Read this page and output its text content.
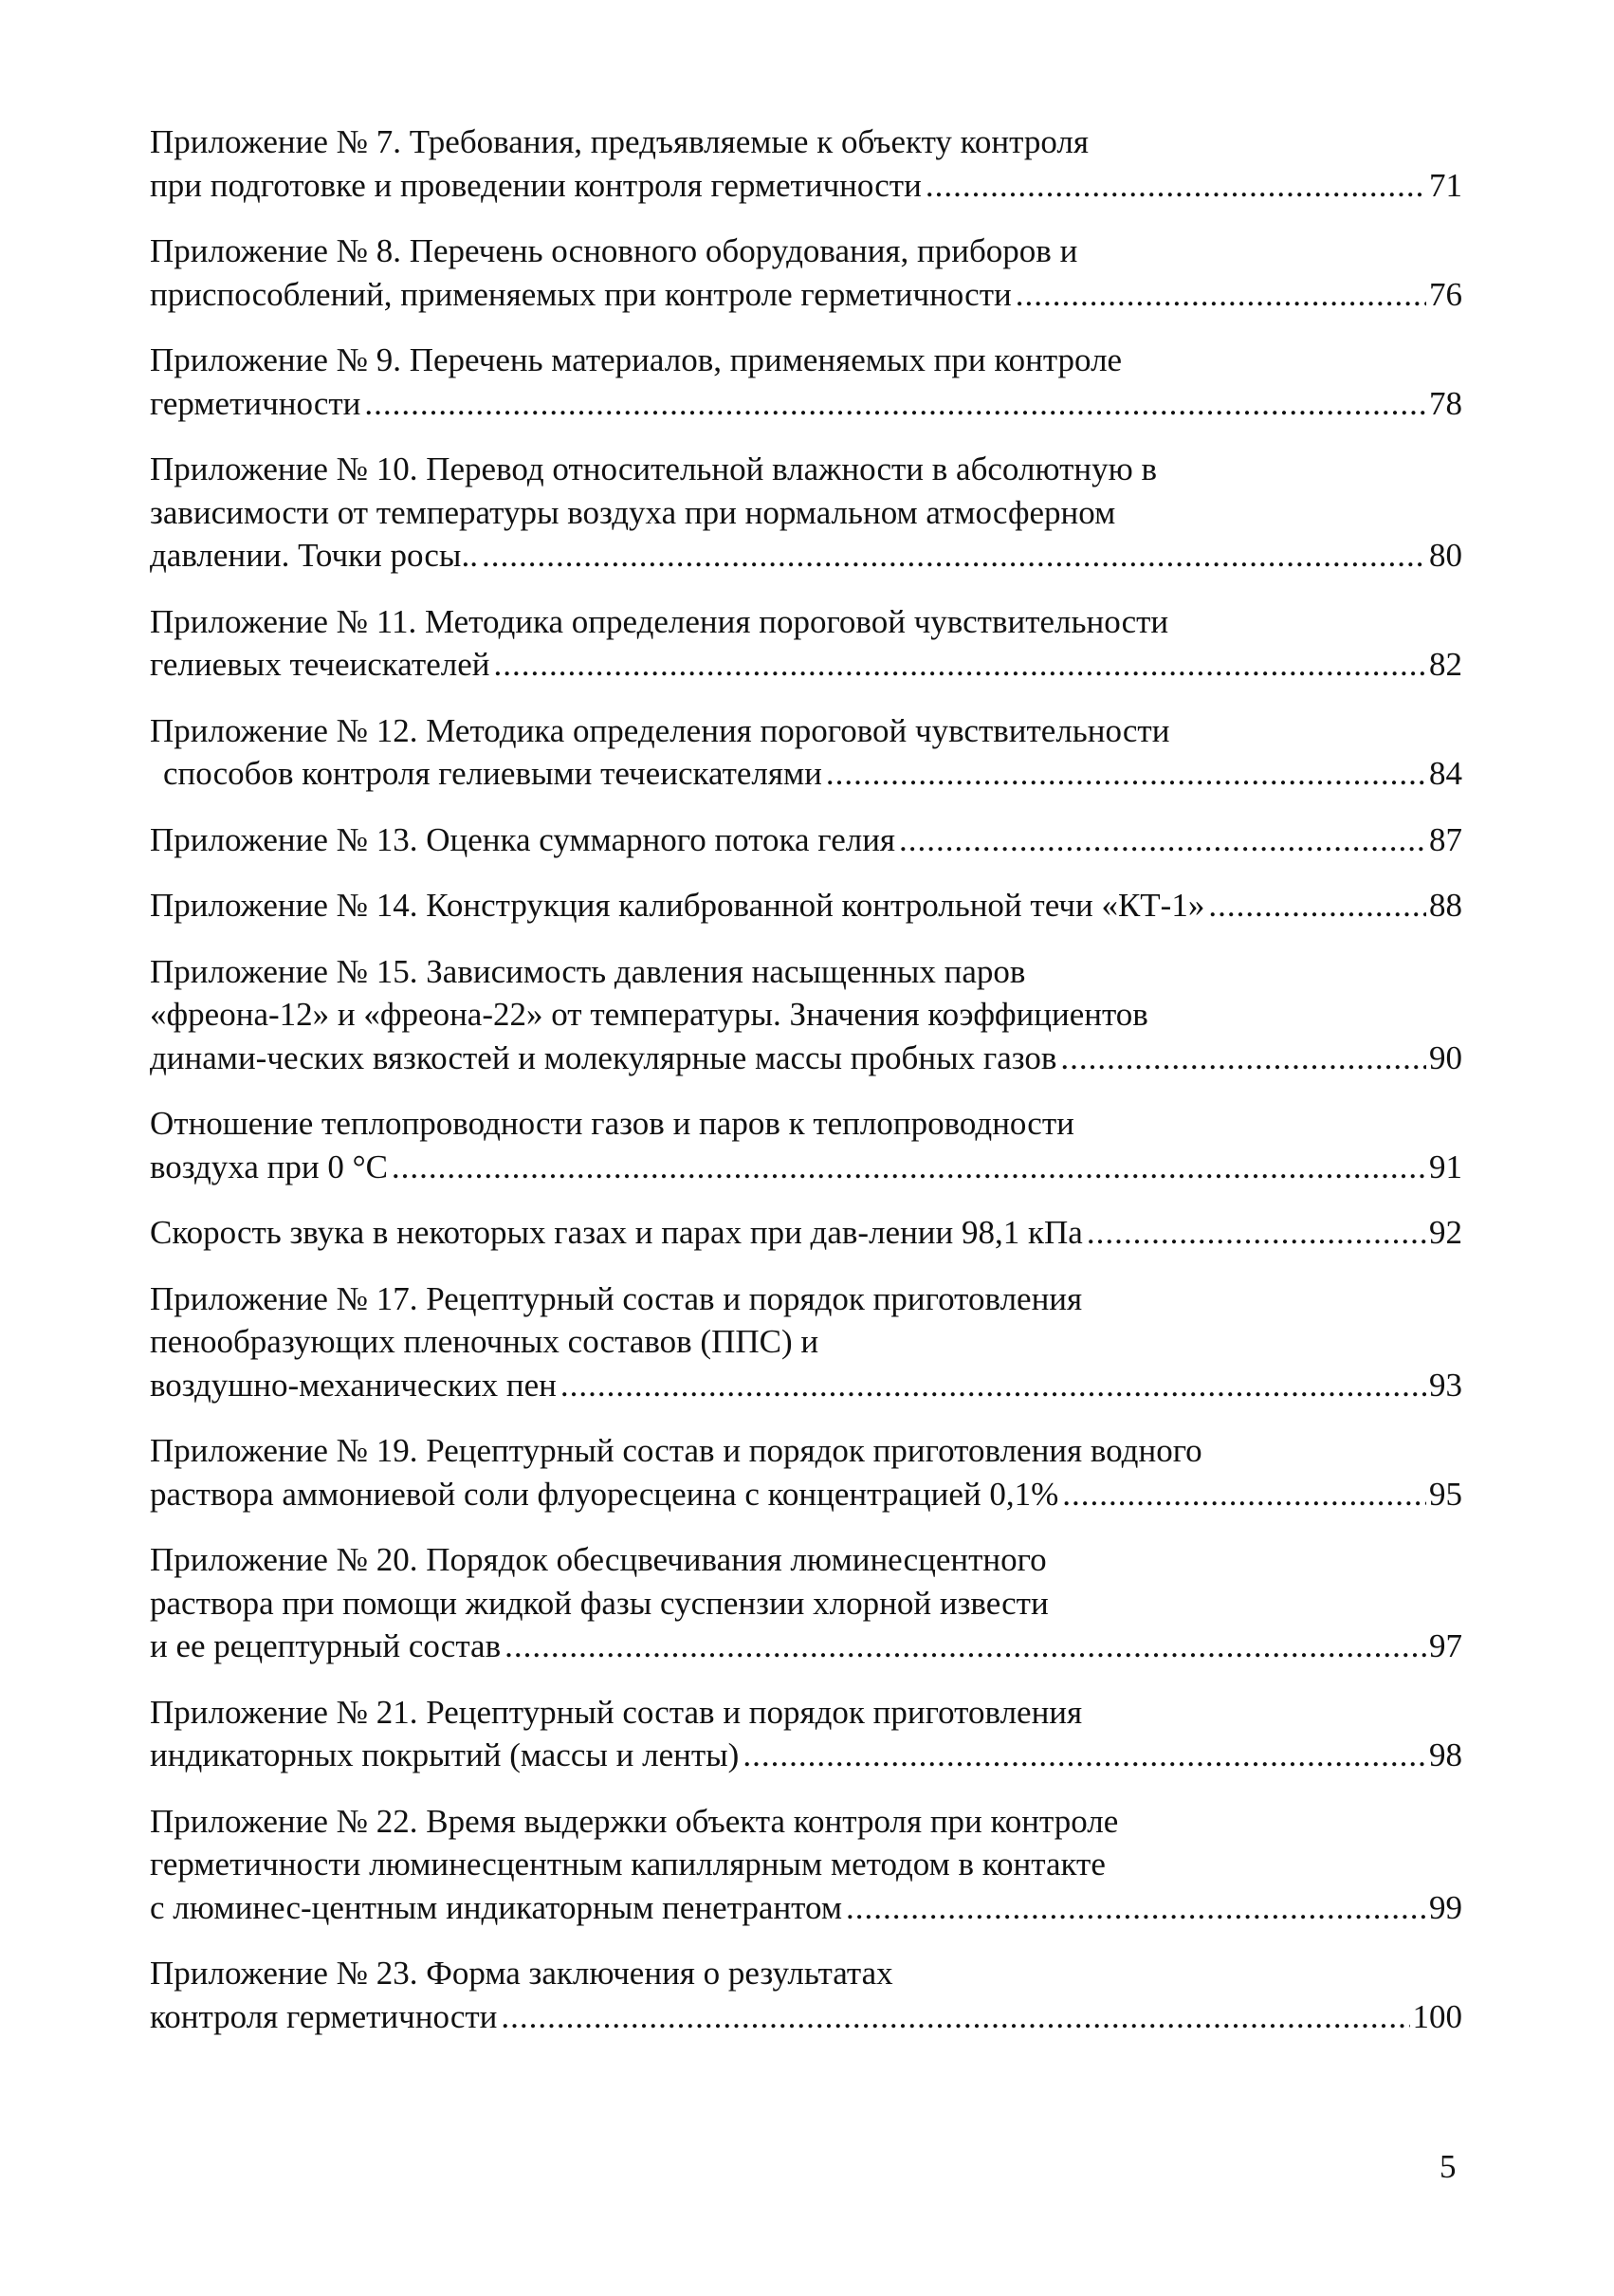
Приложение № 7. Требования, предъявляемые к объекту контроля
при подготовке и проведении контроля герметичности .....	71
Приложение № 8. Перечень основного оборудования, приборов и
приспособлений, применяемых при контроле герметичности .....	76
Приложение № 9. Перечень материалов, применяемых при контроле
герметичности .....	78
Приложение № 10. Перевод относительной влажности в абсолютную в
зависимости от температуры воздуха при нормальном атмосферном
давлении. Точки росы.. .....	80
Приложение № 11. Методика определения пороговой чувствительности
гелиевых течеискателей .....	82
Приложение № 12. Методика определения пороговой чувствительности
способов контроля гелиевыми течеискателями .....	84
Приложение № 13. Оценка суммарного потока гелия .....	87
Приложение № 14. Конструкция калиброванной контрольной течи «КТ-1» .....	88
Приложение № 15. Зависимость давления насыщенных паров
«фреона-12» и «фреона-22» от температуры. Значения коэффициентов
динами-ческих вязкостей и молекулярные массы пробных газов .....	90
Отношение теплопроводности газов и паров к теплопроводности
воздуха при 0 °С .....	91
Скорость звука в некоторых газах и парах при дав-лении 98,1 кПа .....	92
Приложение № 17. Рецептурный состав и порядок приготовления
пенообразующих пленочных составов (ППС) и
воздушно-механических пен .....	93
Приложение № 19. Рецептурный состав и порядок приготовления водного
раствора аммониевой соли флуоресцеина с концентрацией 0,1% .....	95
Приложение № 20. Порядок обесцвечивания люминесцентного
раствора при помощи жидкой фазы суспензии хлорной извести
и ее рецептурный состав .....	97
Приложение № 21. Рецептурный состав и порядок приготовления
индикаторных покрытий (массы и ленты) .....	98
Приложение № 22. Время выдержки объекта контроля при контроле
герметичности люминесцентным капиллярным методом в контакте
с люминес-центным индикаторным пенетрантом .....	99
Приложение № 23. Форма заключения о результатах
контроля герметичности .....	100
5
